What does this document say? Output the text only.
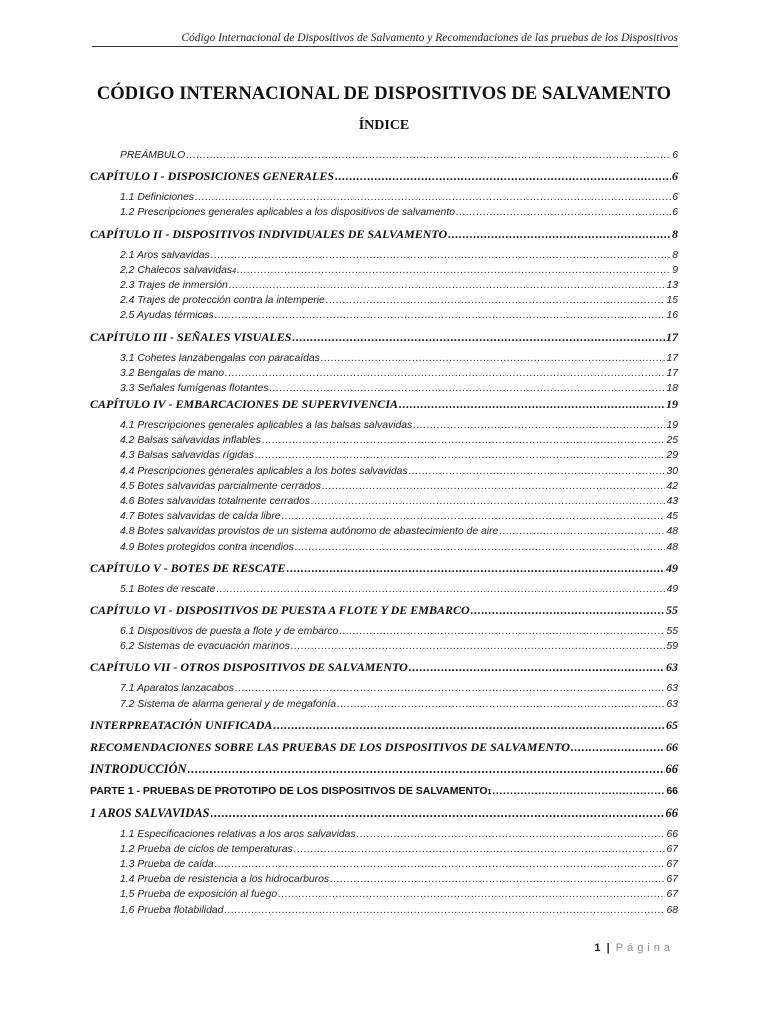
Código Internacional de Dispositivos de Salvamento y Recomendaciones de las pruebas de los Dispositivos
CÓDIGO INTERNACIONAL DE DISPOSITIVOS DE SALVAMENTO
ÍNDICE
PREÁMBULO .....	6
CAPÍTULO I - DISPOSICIONES GENERALES .....	6
1.1 Definiciones .....	6
1.2 Prescripciones generales aplicables a los dispositivos de salvamento .....	6
CAPÍTULO II - DISPOSITIVOS INDIVIDUALES DE SALVAMENTO .....	8
2.1 Aros salvavidas .....	8
2.2 Chalecos salvavidas 4 .....	9
2.3 Trajes de inmersión .....	13
2.4 Trajes de protección contra la intemperie .....	15
2.5 Ayudas térmicas .....	16
CAPÍTULO III - SEÑALES VISUALES .....	17
3.1 Cohetes lanzabengalas con paracaídas .....	17
3.2 Bengalas de mano .....	17
3.3 Señales fumígenas flotantes .....	18
CAPÍTULO IV - EMBARCACIONES DE SUPERVIVENCIA .....	19
4.1 Prescripciones generales aplicables a las balsas salvavidas .....	19
4.2 Balsas salvavidas inflables .....	25
4.3 Balsas salvavidas rígidas .....	29
4.4 Prescripciones generales aplicables a los botes salvavidas .....	30
4.5 Botes salvavidas parcialmente cerrados .....	42
4.6 Botes salvavidas totalmente cerrados .....	43
4.7 Botes salvavidas de caída libre .....	45
4.8 Botes salvavidas provistos de un sistema autónomo de abastecimiento de aire .....	48
4.9 Botes protegidos contra incendios .....	48
CAPÍTULO V - BOTES DE RESCATE .....	49
5.1 Botes de rescate .....	49
CAPÍTULO VI - DISPOSITIVOS DE PUESTA A FLOTE Y DE EMBARCO .....	55
6.1 Dispositivos de puesta a flote y de embarco .....	55
6.2 Sistemas de evacuación marinos .....	59
CAPÍTULO VII - OTROS DISPOSITIVOS DE SALVAMENTO .....	63
7.1 Aparatos lanzacabos .....	63
7.2 Sistema de alarma general y de megafonía .....	63
INTERPREATACIÓN UNIFICADA .....	65
RECOMENDACIONES SOBRE LAS PRUEBAS DE LOS DISPOSITIVOS DE SALVAMENTO .....	66
INTRODUCCIÓN .....	66
PARTE 1 - PRUEBAS DE PROTOTIPO DE LOS DISPOSITIVOS DE SALVAMENTO 1 .....	66
1 AROS SALVAVIDAS .....	66
1.1 Especificaciones relativas a los aros salvavidas .....	66
1.2 Prueba de ciclos de temperaturas .....	67
1.3 Prueba de caída .....	67
1.4 Prueba de resistencia a los hidrocarburos .....	67
1.5 Prueba de exposición al fuego .....	67
1.6 Prueba flotabilidad .....	68
1 | Página
